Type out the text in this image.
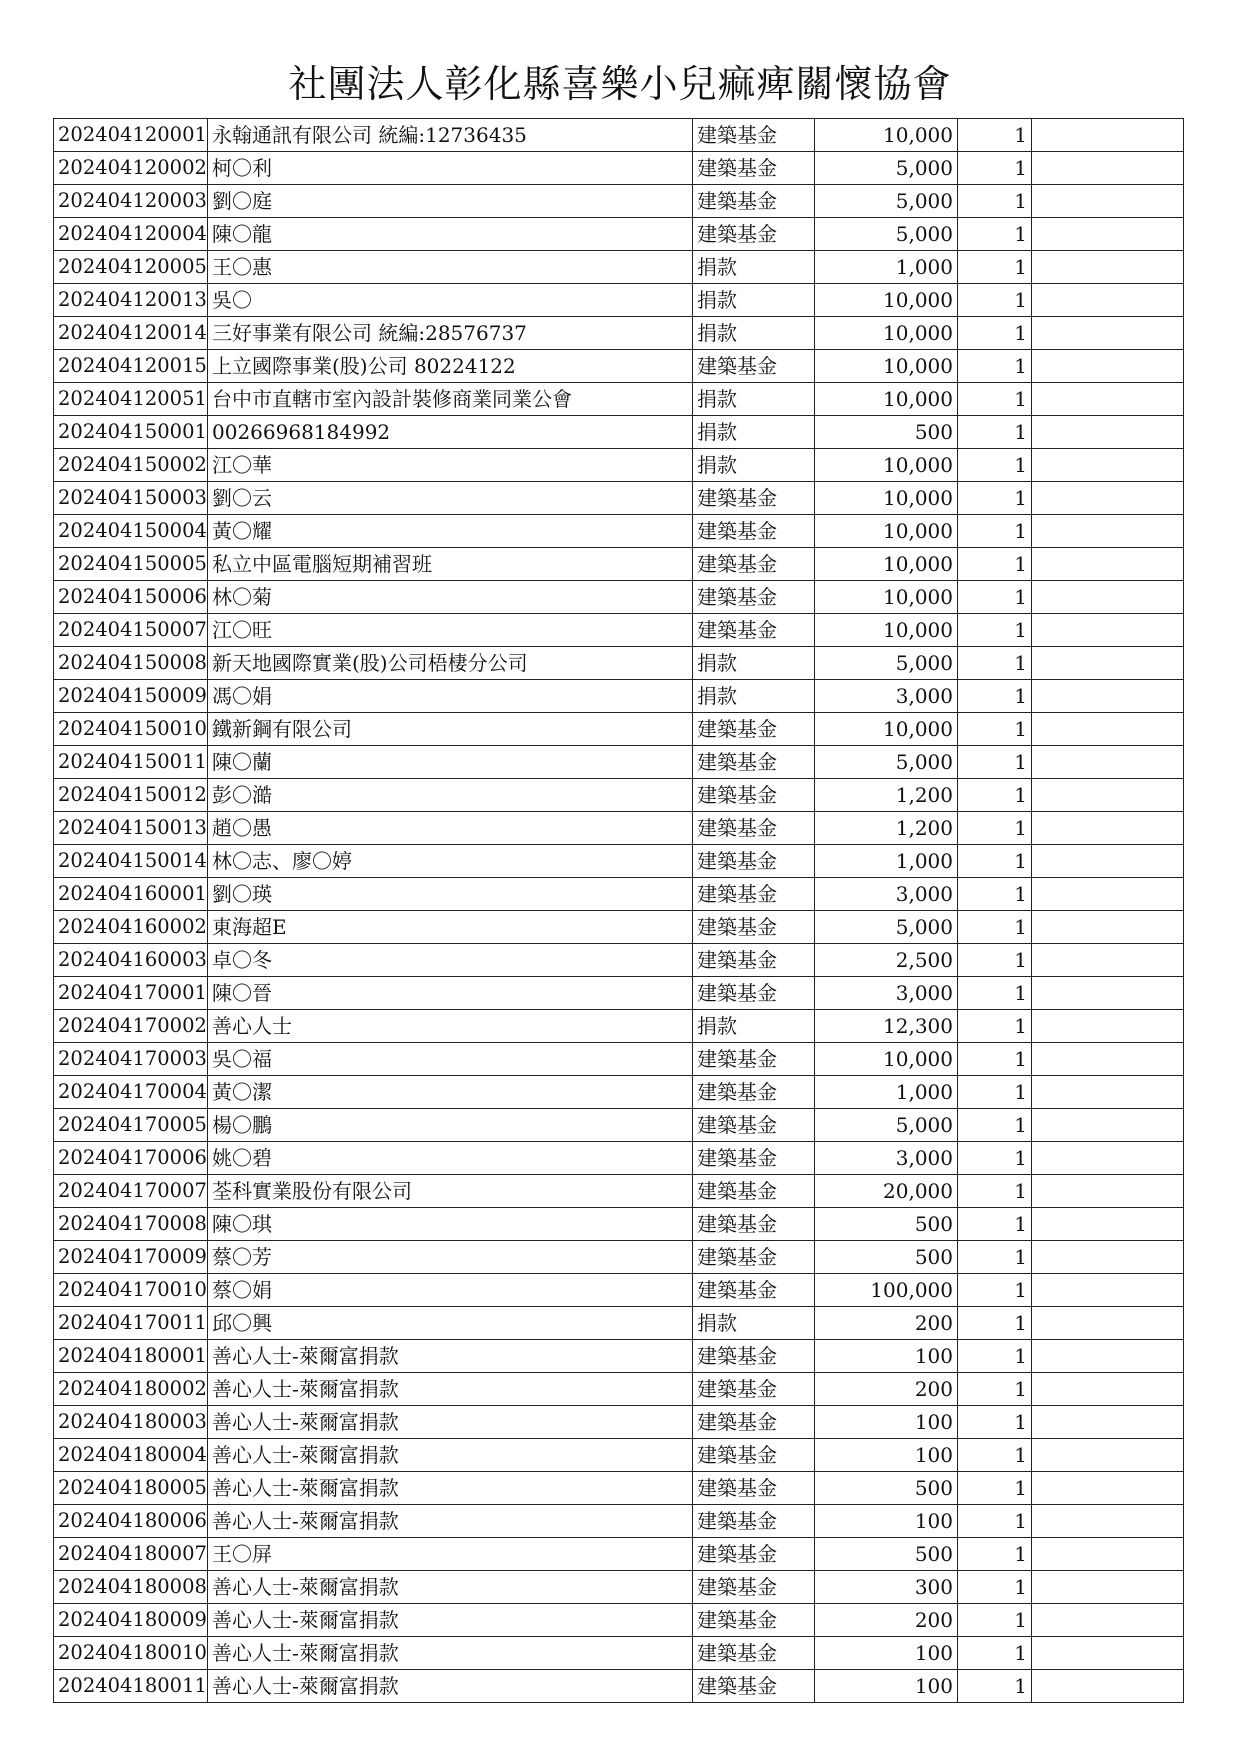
社團法人彰化縣喜樂小兒痲痺關懷協會
202404120001	永翰通訊有限公司 統編:12736435	建築基金	10,000	1	
202404120002	柯〇利	建築基金	5,000	1	
202404120003	劉〇庭	建築基金	5,000	1	
202404120004	陳〇龍	建築基金	5,000	1	
202404120005	王〇惠	捐款	1,000	1	
202404120013	吳〇	捐款	10,000	1	
202404120014	三好事業有限公司 統編:28576737	捐款	10,000	1	
202404120015	上立國際事業(股)公司 80224122	建築基金	10,000	1	
202404120051	台中市直轄市室內設計裝修商業同業公會	捐款	10,000	1	
202404150001	00266968184992	捐款	500	1	
202404150002	江〇華	捐款	10,000	1	
202404150003	劉〇云	建築基金	10,000	1	
202404150004	黃〇耀	建築基金	10,000	1	
202404150005	私立中區電腦短期補習班	建築基金	10,000	1	
202404150006	林〇菊	建築基金	10,000	1	
202404150007	江〇旺	建築基金	10,000	1	
202404150008	新天地國際實業(股)公司梧棲分公司	捐款	5,000	1	
202404150009	馮〇娟	捐款	3,000	1	
202404150010	鐵新鋼有限公司	建築基金	10,000	1	
202404150011	陳〇蘭	建築基金	5,000	1	
202404150012	彭〇澔	建築基金	1,200	1	
202404150013	趙〇愚	建築基金	1,200	1	
202404150014	林〇志、廖〇婷	建築基金	1,000	1	
202404160001	劉〇瑛	建築基金	3,000	1	
202404160002	東海超E	建築基金	5,000	1	
202404160003	卓〇冬	建築基金	2,500	1	
202404170001	陳〇晉	建築基金	3,000	1	
202404170002	善心人士	捐款	12,300	1	
202404170003	吳〇福	建築基金	10,000	1	
202404170004	黃〇潔	建築基金	1,000	1	
202404170005	楊〇鵬	建築基金	5,000	1	
202404170006	姚〇碧	建築基金	3,000	1	
202404170007	荃科實業股份有限公司	建築基金	20,000	1	
202404170008	陳〇琪	建築基金	500	1	
202404170009	蔡〇芳	建築基金	500	1	
202404170010	蔡〇娟	建築基金	100,000	1	
202404170011	邱〇興	捐款	200	1	
202404180001	善心人士-萊爾富捐款	建築基金	100	1	
202404180002	善心人士-萊爾富捐款	建築基金	200	1	
202404180003	善心人士-萊爾富捐款	建築基金	100	1	
202404180004	善心人士-萊爾富捐款	建築基金	100	1	
202404180005	善心人士-萊爾富捐款	建築基金	500	1	
202404180006	善心人士-萊爾富捐款	建築基金	100	1	
202404180007	王〇屏	建築基金	500	1	
202404180008	善心人士-萊爾富捐款	建築基金	300	1	
202404180009	善心人士-萊爾富捐款	建築基金	200	1	
202404180010	善心人士-萊爾富捐款	建築基金	100	1	
202404180011	善心人士-萊爾富捐款	建築基金	100	1	
